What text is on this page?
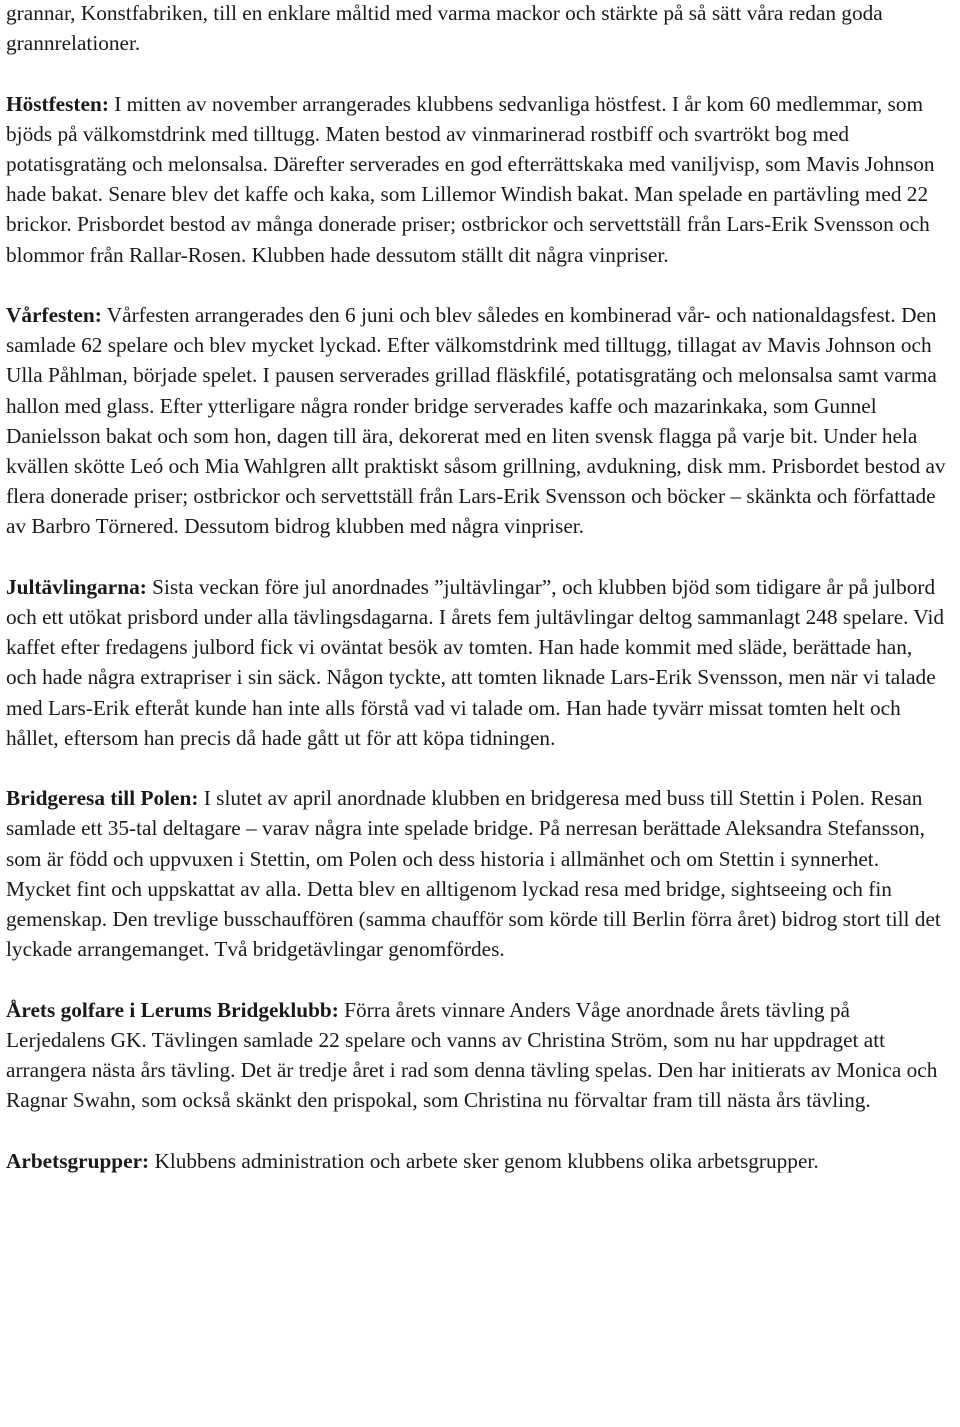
grannar, Konstfabriken, till en enklare måltid med varma mackor och stärkte på så sätt våra redan goda grannrelationer.

Höstfesten: I mitten av november arrangerades klubbens sedvanliga höstfest. I år kom 60 medlemmar, som bjöds på välkomstdrink med tilltugg. Maten bestod av vinmarinerad rostbiff och svartrökt bog med potatisgratäng och melonsalsa. Därefter serverades en god efterrättskaka med vaniljvisp, som Mavis Johnson hade bakat. Senare blev det kaffe och kaka, som Lillemor Windish bakat. Man spelade en partävling med 22 brickor. Prisbordet bestod av många donerade priser; ostbrickor och servettställ från Lars-Erik Svensson och blommor från Rallar-Rosen. Klubben hade dessutom ställt dit några vinpriser.

Vårfesten: Vårfesten arrangerades den 6 juni och blev således en kombinerad vår- och nationaldagsfest. Den samlade 62 spelare och blev mycket lyckad. Efter välkomstdrink med tilltugg, tillagat av Mavis Johnson och Ulla Påhlman, började spelet. I pausen serverades grillad fläskfilé, potatisgratäng och melonsalsa samt varma hallon med glass. Efter ytterligare några ronder bridge serverades kaffe och mazarinkaka, som Gunnel Danielsson bakat och som hon, dagen till ära, dekorerat med en liten svensk flagga på varje bit. Under hela kvällen skötte Leó och Mia Wahlgren allt praktiskt såsom grillning, avdukning, disk mm. Prisbordet bestod av flera donerade priser; ostbrickor och servettställ från Lars-Erik Svensson och böcker – skänkta och författade av Barbro Törnered. Dessutom bidrog klubben med några vinpriser.

Jultävlingarna: Sista veckan före jul anordnades ”jultävlingar”, och klubben bjöd som tidigare år på julbord och ett utökat prisbord under alla tävlingsdagarna. I årets fem jultävlingar deltog sammanlagt 248 spelare. Vid kaffet efter fredagens julbord fick vi oväntat besök av tomten. Han hade kommit med släde, berättade han, och hade några extrapriser i sin säck. Någon tyckte, att tomten liknade Lars-Erik Svensson, men när vi talade med Lars-Erik efteråt kunde han inte alls förstå vad vi talade om. Han hade tyvärr missat tomten helt och hållet, eftersom han precis då hade gått ut för att köpa tidningen.

Bridgeresa till Polen: I slutet av april anordnade klubben en bridgeresa med buss till Stettin i Polen. Resan samlade ett 35-tal deltagare – varav några inte spelade bridge. På nerresan berättade Aleksandra Stefansson, som är född och uppvuxen i Stettin, om Polen och dess historia i allmänhet och om Stettin i synnerhet. Mycket fint och uppskattat av alla. Detta blev en alltigenom lyckad resa med bridge, sightseeing och fin gemenskap. Den trevlige busschauffören (samma chaufför som körde till Berlin förra året) bidrog stort till det lyckade arrangemanget. Två bridgetävlingar genomfördes.

Årets golfare i Lerums Bridgeklubb: Förra årets vinnare Anders Våge anordnade årets tävling på Lerjedalens GK. Tävlingen samlade 22 spelare och vanns av Christina Ström, som nu har uppdraget att arrangera nästa års tävling. Det är tredje året i rad som denna tävling spelas. Den har initierats av Monica och Ragnar Swahn, som också skänkt den prispokal, som Christina nu förvaltar fram till nästa års tävling.

Arbetsgrupper: Klubbens administration och arbete sker genom klubbens olika arbetsgrupper.
